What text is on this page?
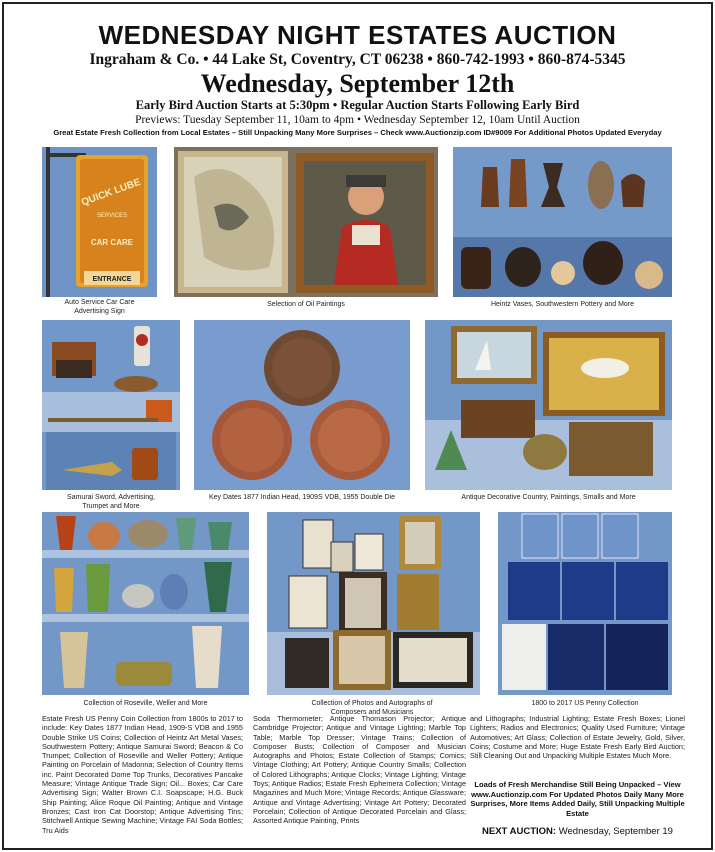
WEDNESDAY NIGHT ESTATES AUCTION
Ingraham & Co. • 44 Lake St, Coventry, CT 06238 • 860-742-1993 • 860-874-5345
Wednesday, September 12th
Early Bird Auction Starts at 5:30pm • Regular Auction Starts Following Early Bird
Previews: Tuesday September 11, 10am to 4pm • Wednesday September 12, 10am Until Auction
Great Estate Fresh Collection from Local Estates – Still Unpacking Many More Surprises – Check www.Auctionzip.com ID#9009 For Additional Photos Updated Everyday
QUICK LUBE
SERVICES
CAR CARE
ENTRANCE
Auto Service Car Care Advertising Sign
Selection of Oil Paintings	Heintz Vases, Southwestern Pottery and More
Samurai Sword, Advertising, Trumpet and More
Key Dates 1877 Indian Head, 1909S VDB, 1955 Double Die	Antique Decorative Country, Paintings, Smalls and More
Collection of Roseville, Weller and More	Collection of Photos and Autographs of Composers and Musicians
1800 to 2017 US Penny Collection
Estate Fresh US Penny Coin Collection from 1800s to 2017 to include: Key Dates 1877 Indian Head, 1909-S VDB and 1955 Double Strike US Coins; Collection of Heintz Art Metal Vases; Southwestern Pottery; Antique Samurai Sword; Beacon & Co Trumpet; Collection of Roseville and Weller Pottery; Antique Painting on Porcelain of Madonna; Selection of Country Items inc. Paint Decorated Dome Top Trunks, Decoratives Pancake Measure; Vintage Antique Trade Sign; Oil... Boxes; Car Care Advertising Sign; Walter Brown C.I. Soapscape; H.G. Buck Ship Painting; Alice Roque Oil Painting; Antique and Vintage Bronzes; Cast Iron Cat Doorstop; Antique Advertising Tins; Stitchwell Antique Sewing Machine; Vintage FAI Soda Bottles; Tru Aids
Soda Thermometer; Antique Thomason Projector; Antique Cambridge Projector; Antique and Vintage Lighting; Marble Top Table; Marble Top Dresser; Vintage Trains; Collection of Composer Busts; Collection of Composer and Musician Autographs and Photos; Estate Collection of Stamps; Comics; Vintage Clothing; Art Pottery; Antique Country Smalls; Collection of Colored Lithographs; Antique Clocks; Vintage Lighting; Vintage Toys; Antique Radios; Estate Fresh Ephemera Collection; Vintage Magazines and Much More; Vintage Records; Antique Glassware; Antique and Vintage Advertising; Vintage Art Pottery; Decorated Porcelain; Collection of Antique Decorated Porcelain and Glass; Assorted Antique Painting, Prints
and Lithographs; Industrial Lighting; Estate Fresh Boxes; Lionel Lighters; Radios and Electronics; Quality Used Furniture; Vintage Automotives; Art Glass; Collection of Estate Jewelry, Gold, Silver, Coins; Costume and More; Huge Estate Fresh Early Bird Auction; Still Cleaning Out and Unpacking Multiple Estates Much More.
Loads of Fresh Merchandise Still Being Unpacked – View www.Auctionzip.com For Updated Photos Daily Many More Surprises, More Items Added Daily, Still Unpacking Multiple Estate
NEXT AUCTION: Wednesday, September 19
